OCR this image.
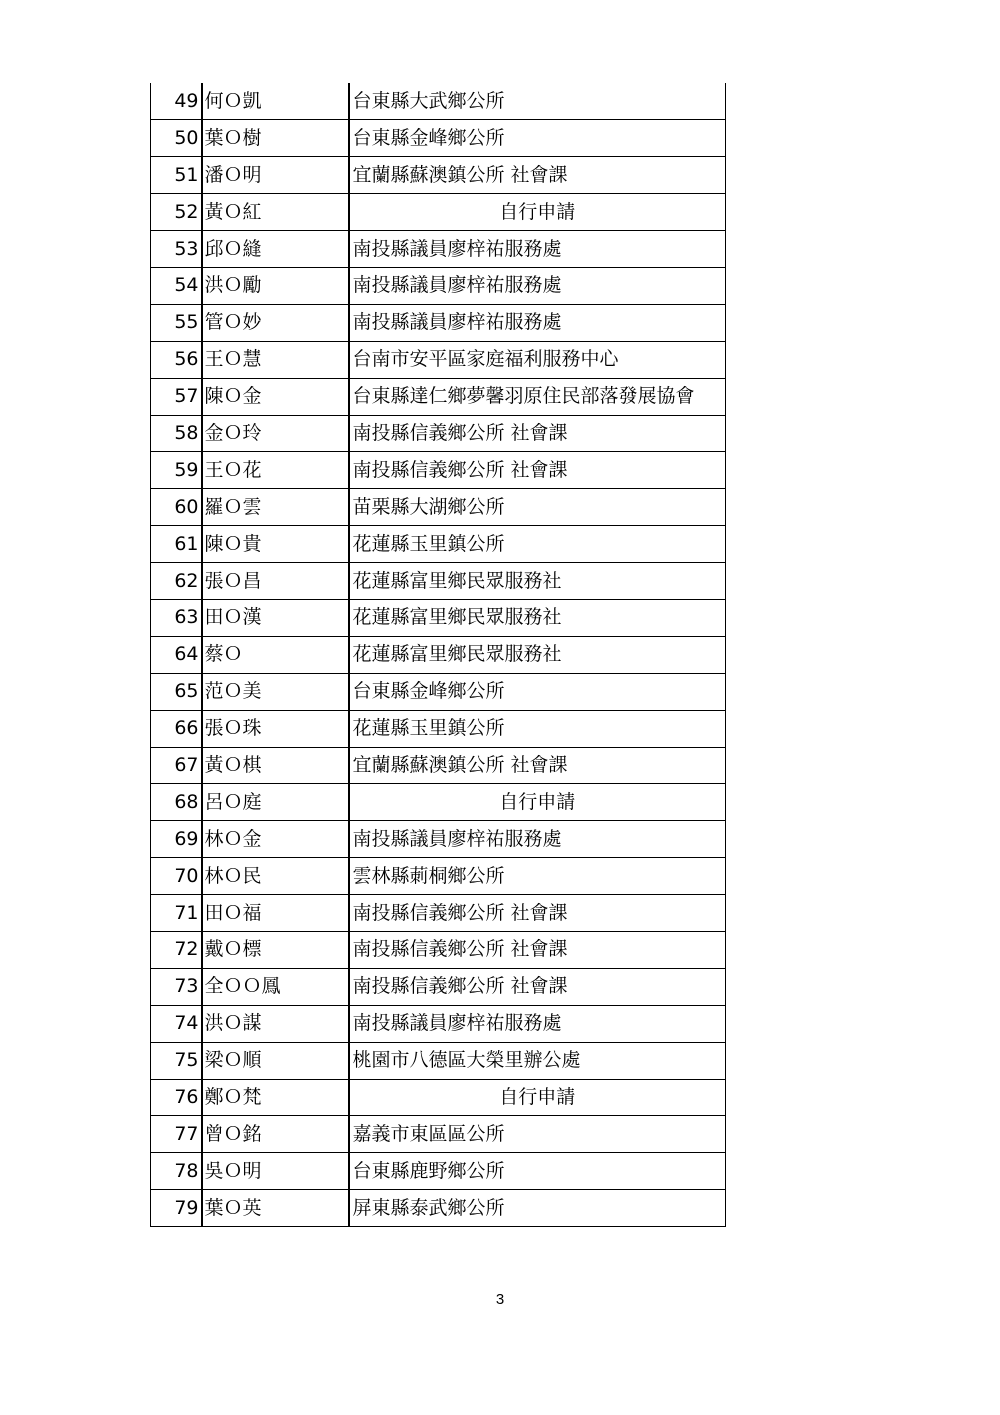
49	何Ｏ凱	台東縣大武鄉公所
50	葉Ｏ樹	台東縣金峰鄉公所
51	潘Ｏ明	宜蘭縣蘇澳鎮公所 社會課
52	黃Ｏ紅	自行申請
53	邱Ｏ縫	南投縣議員廖梓祐服務處
54	洪Ｏ勵	南投縣議員廖梓祐服務處
55	管Ｏ妙	南投縣議員廖梓祐服務處
56	王Ｏ慧	台南市安平區家庭福利服務中心
57	陳Ｏ金	台東縣達仁鄉夢馨羽原住民部落發展協會
58	金Ｏ玲	南投縣信義鄉公所 社會課
59	王Ｏ花	南投縣信義鄉公所 社會課
60	羅Ｏ雲	苗栗縣大湖鄉公所
61	陳Ｏ貴	花蓮縣玉里鎮公所
62	張Ｏ昌	花蓮縣富里鄉民眾服務社
63	田Ｏ漢	花蓮縣富里鄉民眾服務社
64	蔡Ｏ	花蓮縣富里鄉民眾服務社
65	范Ｏ美	台東縣金峰鄉公所
66	張Ｏ珠	花蓮縣玉里鎮公所
67	黃Ｏ棋	宜蘭縣蘇澳鎮公所 社會課
68	呂Ｏ庭	自行申請
69	林Ｏ金	南投縣議員廖梓祐服務處
70	林Ｏ民	雲林縣莿桐鄉公所
71	田Ｏ福	南投縣信義鄉公所 社會課
72	戴Ｏ標	南投縣信義鄉公所 社會課
73	全ＯＯ鳳	南投縣信義鄉公所 社會課
74	洪Ｏ謀	南投縣議員廖梓祐服務處
75	梁Ｏ順	桃園市八德區大榮里辦公處
76	鄭Ｏ梵	自行申請
77	曾Ｏ銘	嘉義市東區區公所
78	吳Ｏ明	台東縣鹿野鄉公所
79	葉Ｏ英	屏東縣泰武鄉公所
3
